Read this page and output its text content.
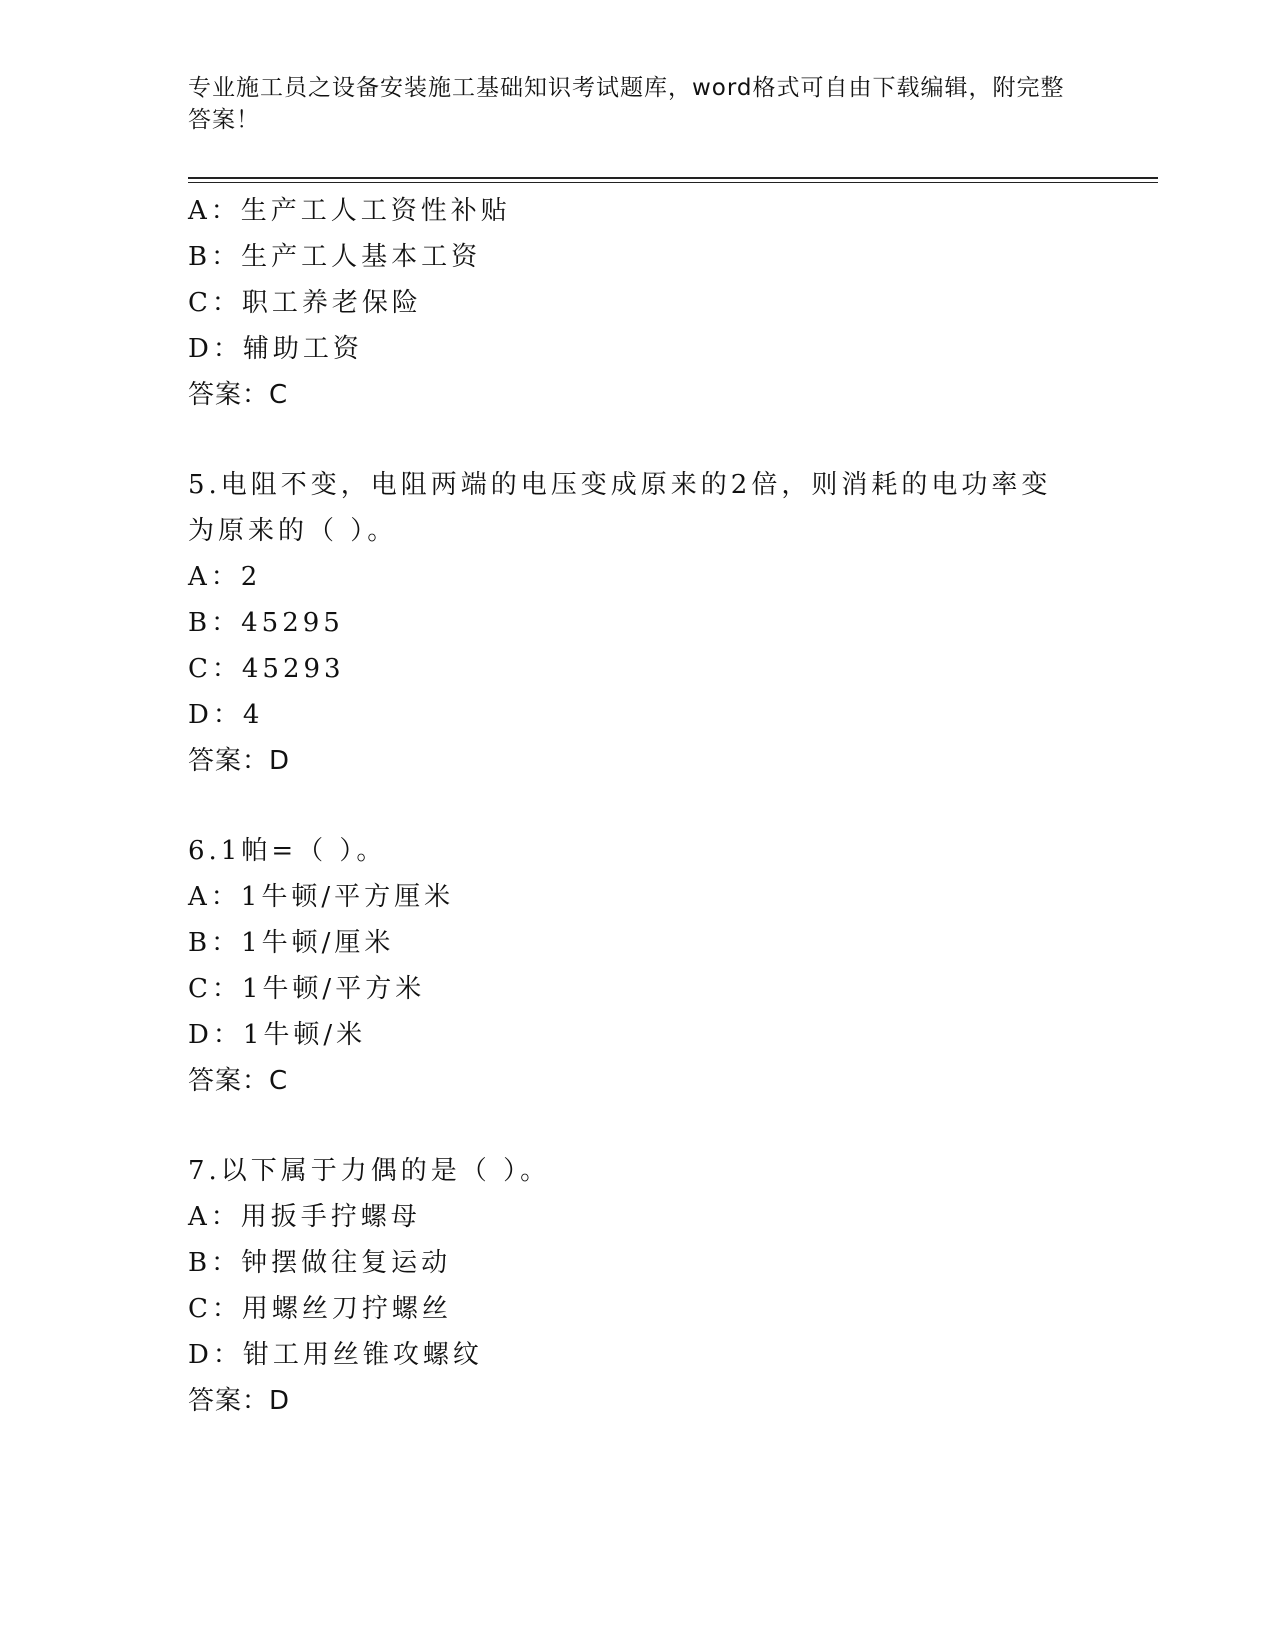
专业施工员之设备安装施工基础知识考试题库，word格式可自由下载编辑，附完整答案！
A：生产工人工资性补贴
B：生产工人基本工资
C：职工养老保险
D：辅助工资
答案：C
5.电阻不变，电阻两端的电压变成原来的2倍，则消耗的电功率变为原来的（ ）。
A：2
B：45295
C：45293
D：4
答案：D
6.1帕=（ ）。
A：1牛顿/平方厘米
B：1牛顿/厘米
C：1牛顿/平方米
D：1牛顿/米
答案：C
7.以下属于力偶的是（ ）。
A：用扳手拧螺母
B：钟摆做往复运动
C：用螺丝刀拧螺丝
D：钳工用丝锥攻螺纹
答案：D
